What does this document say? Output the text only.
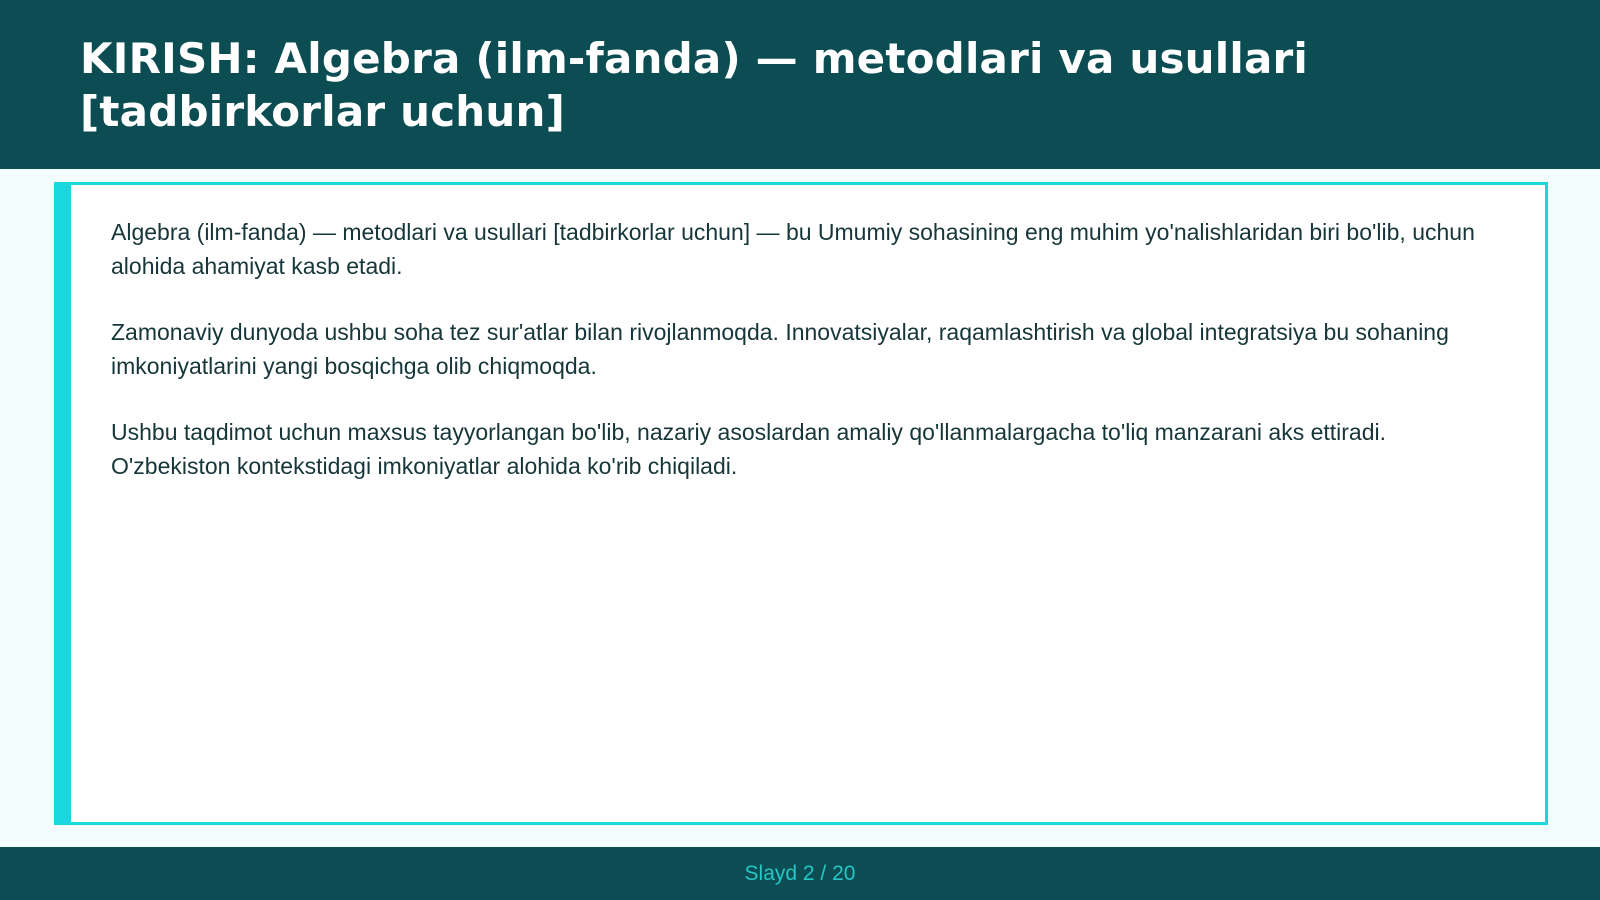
KIRISH: Algebra (ilm-fanda) — metodlari va usullari [tadbirkorlar uchun]

Algebra (ilm-fanda) — metodlari va usullari [tadbirkorlar uchun] — bu Umumiy sohasining eng muhim yo'nalishlaridan biri bo'lib, uchun alohida ahamiyat kasb etadi.

Zamonaviy dunyoda ushbu soha tez sur'atlar bilan rivojlanmoqda. Innovatsiyalar, raqamlashtirish va global integratsiya bu sohaning imkoniyatlarini yangi bosqichga olib chiqmoqda.

Ushbu taqdimot uchun maxsus tayyorlangan bo'lib, nazariy asoslardan amaliy qo'llanmalargacha to'liq manzarani aks ettiradi. O'zbekiston kontekstidagi imkoniyatlar alohida ko'rib chiqiladi.

Slayd 2 / 20
